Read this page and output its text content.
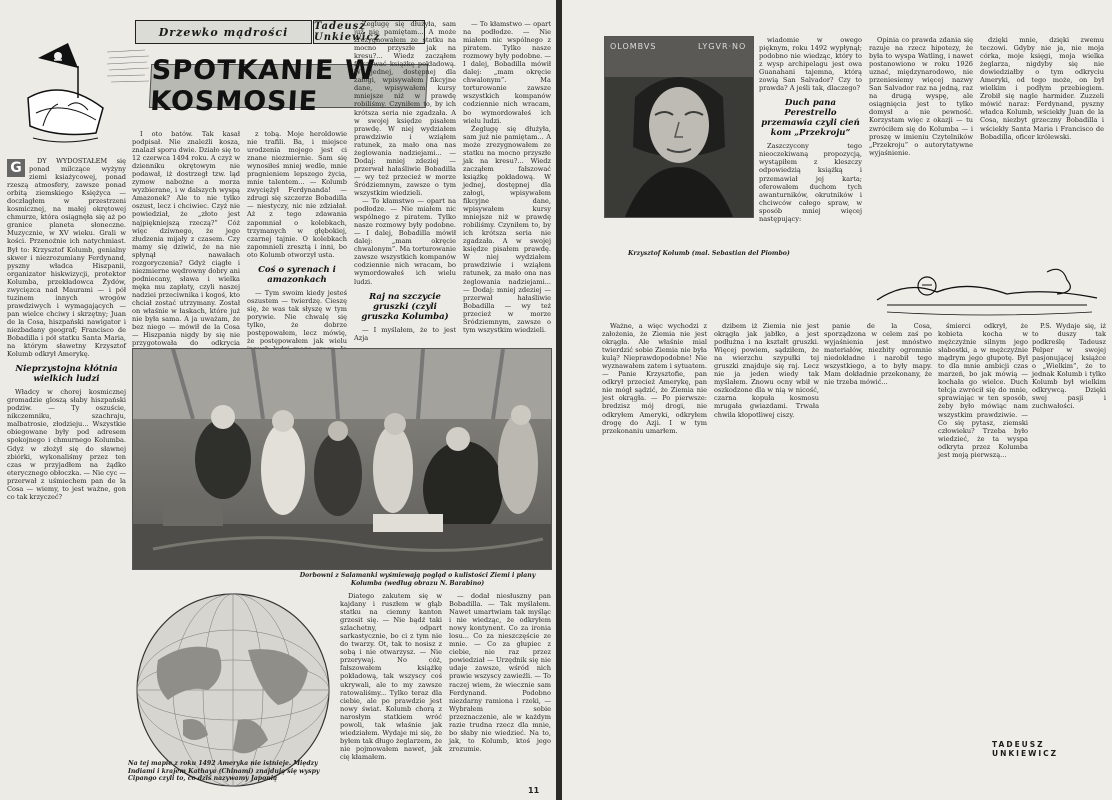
Drzewko mądrości	Tadeusz Unkiewicz
SPOTKANIE W KOSMOSIE
G	DY WYDOSTAŁEM się ponad milczące wyżyny ziemi ksiażycowej, ponad rzeszą atmosfery, zawsze ponad orbitą ziemskiego Księżyca — doczłagłem w przestrzeni kosmicznej, na małej okrętowej chmurze, która osiągnęła się aż po granice planeta słoneczne. Muzycznie, w XV wieku. Grali w kości. Przenoźnie ich natychmiast. Był to: Krzysztof Kolumb, genialny skwer i niezrozumiany Ferdynand, pyszny władca Hiszpanii, organizator hiskwizycji, protektor Kolumba, przekładowca Żydów, zwycięzca nad Maurami — i pół tuzinem innych wrogów prawdziwych i wymagających — pan wielce chciwy i skrzętny; Juan de la Cosa, hiszpański nawigator i niezbadany geograf; Francisco de Bobadilla i pół statku Santa Maria, na którym sławetny Krzysztof Kolumb odkrył Amerykę.

Nieprzystojna kłótnia wielkich ludzi

Władcy w chorej kosmicznej gromadzie gloszą słaby hiszpański podziw. — Ty oszuście, nikczemniku, szachraju, malbatrosie, złodzieju... Wszystkie obiegowane były pod adresem spokojnego i chmurnego Kolumba. Gdyż w złożył się do sławnej zbiórki, wykonaliśmy przez ten czas w przyjadłem na żądko eterycznego obłoczka. — Nie cyc — przerwał z uśmiechem pan de la Cosa — wiemy, to jest ważne, gon co tak krzyczeć?

I oto batów. Tak kasał podpisał. Nie znaleźli kosza, znalazł sporu dwie. Działo się to 12 czerwca 1494 roku. A czyż w dzienniku okrętowym nie podawał, iż dostrzegł tzw. ląd zymow nabożne a morza wyzbierane, i w dalszych wyspą Amazonek? Ale to nie tylko oszust, lecz i chciwiec. Czyż nie powiedział, że „złoto jest najpiękniejszą rzeczą?” Cóż więc dziwnego, że jego złudzenia mijały z czasem. Czy mamy się dziwić, że na nie spłynął nawałach rozgoryczenia? Gdyż ciągłe i niezmierne wędrowny dobry ani podniecany, sława i wielka męka mu zapłaty, czyli naszej nadziei przeciwnika i kogoś, kto chciał zostać utrzymany. Został on właśnie w łaskach, które już nie była sama. A ja uważam, że bez niego — mówił de la Cosa — Hiszpania nigdy by się nie przygotowała do odkrycia

z tobą. Moje heroldowie nie trafili. Ba, i miejsce urodzenia mojego jest ci znane niezmiernie. Sam się wynosiłeś mniej wedle, mnie pragnieniem lepszego życia, mnie talentem... — Kolumb zwyciężył Ferdynanda! — zdrugi się szczerze Bobadilla — niestyczy, nic nie zdziałał. Aż z tego zdawania zapomniał o kolebkach, trzymanych w głębokiej, czarnej tajnie. O kolebkach zapomnieli zresztą i inni, bo oto Kolumb otworzył usta.

Coś o syrenach i amazonkach

— Tym swoim kiedy jesteś oszustem — twierdzę. Cieszę się, że was tak słyszę w tym porywie. Nie chwalę się tylko, że dobrze postępowałem, lecz mówię, że postępowałem jak wielu

Żeglugę się dłużyła, sam już nie pamiętam... A może zrezygnowałem ze statku na mocno przyszłe jak na kresu?... Wiedz zacząłem fałszować książkę pokładową. W jednej, dostępnej dla załogi, wpisywałem fikcyjne dane, wpisywałem kursy mniejsze niż w prawdę robiliśmy. Czyniłem to, by ich krótsza seria nie zgadzała. A w swojej księdze pisałem prawdę. W niej wydziałem prawdziwie i wziąłem ratunek, za mało ona nas żeglowania nadziejami... — Dodaj: mniej zdeziej — przerwał hałaśliwie Bobadilla — wy też przecież w morze Śródziemnym, zawsze o tym wszystkim wiedzieli.

— To kłamstwo — opart na podłodze. — Nie miałem nic wspólnego z piratem. Tylko nasze rozmowy były podobne. — I dalej, Bobadilla mówił dalej: „mam okręcie chwalonym”. Ma torturowanie zawsze wszystkich kompanów codziennie nich wracam, bo wymordowałeś ich wielu ludzi.

Raj na szczycie gruszki (czyli gruszka Kolumba)

— I myślałem, że to jest Azja

— To kłamstwo — opart na podłodze. — Nie miałem nic wspólnego z piratem. Tylko nasze rozmowy były podobne. — I dalej, Bobadilla mówił dalej: „mam okręcie chwalonym”. Ma torturowanie zawsze wszystkich kompanów codziennie nich wracam, bo wymordowałeś ich wielu ludzi.

Żeglugę się dłużyła, sam już nie pamiętam... A może zrezygnowałem ze statku na mocno przyszłe jak na kresu?... Wiedz zacząłem fałszować książkę pokładową. W jednej, dostępnej dla załogi, wpisywałem fikcyjne dane, wpisywałem kursy mniejsze niż w prawdę robiliśmy. Czyniłem to, by ich krótsza seria nie zgadzała. A w swojej księdze pisałem prawdę. W niej wydziałem prawdziwie i wziąłem ratunek, za mało ona nas żeglowania nadziejami... — Dodaj: mniej zdeziej — przerwał hałaśliwie Bobadilla — wy też przecież w morze Śródziemnym, zawsze o tym wszystkim wiedzieli.

Dorbowni z Salamanki wyśmiewają pogląd o kulistości Ziemi i plany Kolumba (według obrazu N. Barabino)
Na tej mapie z roku 1492 Ameryka nie istnieje. Między Indiami i krajem Kathaya (Chinami) znajdują się wyspy Cipango czyli to, co dziś nazywamy Japonią

Diatego zakutem się w kajdany i ruszłem w głąb statku na ciemny kanton grzesit się. — Nie bądź taki szlachetny, odpart sarkastycznie, bo ci z tym nie do twarzy. Ot, tak to nosisz z sobą i nie otwarzysz. — Nie przerywaj. No cóż, fałszowałem książkę pokładową, tak wszyscy coś ukrywali, ale to my zawsze ratowaliśmy... Tylko teraz dla ciebie, ale po prawdzie jest nowy świat. Kolumb chorą z narosłym statkiem wróć powoli, tak właśnie jak wiedziałem. Wydaje mi się, że byłem tak długo żeglarzem, że nie pojmowałem nawet, jak cię kłamałem.

— dodał niesłuszny pan Bobadilla. — Tak myślałem. Nawet umartwiam tak myśląc i nie wiedząc, że odkryłem nowy kontynent. Co za ironia losu... Co za nieszczęście ze mnie. — Co za głupiec z ciebie, nie raz przez powiedział — Urzędnik się nie udaje zawsze, wśród nich prawie wszyscy zawieźli. — To raczej wiem, że wiecznie sam Ferdynand. Podobno niezdarny ramiona i rzeki, — Wybrałem sobie przeznaczenie, ale w każdym razie trudna rzecz dla mnie, bo słaby nie wiedzieć. Na to, jak, to Kolumb, ktoś jego zrozumie.

11
OLOMBVS	LYGVR·NO
Krzysztof Kolumb (mal. Sebastian del Piombo)

wiadomie w owego pięknym, roku 1492 wypłynął; podobno nie wiedząc, który to z wysp archipelagu jest owa Guanahani tajemna, którą zowią San Salvador? Czy to prawda? A jeśli tak, dlaczego?

Duch pana Perestrello przemawia czyli cień kom „Przekroju”

Zaszczycony tego nieoczekiwaną propozycją, wystąpiłem z kleszczy odpowiedzią książką i przemawiał jej karta; oferowałem duchom tych awanturników, okrutników i chciwców całego spraw, w sposób mniej więcej następujący:

Opinia co prawda zdania się razuje na rzecz hipotezy, że była to wyspa Watling, i nawet postanowiono w roku 1926 uznać, międzynarodowo, nie przeniesiemy więcej nazwy San Salvador raz na jedną, raz na drugą wyspę, ale osiągnięcia jest to tylko domysł a nie pewność. Korzystam więc z okazji — tu zwróciłem się do Kolumba — i proszę w imieniu Czytelników „Przekroju” o autorytatywne wyjaśnienie.

dzięki mnie, dzięki zwemu teczowi. Gdyby nie ja, nie moja córka, moje księgi, moja wielka żeglarza, nigdyby się nie dowiedziałby o tym odkryciu Ameryki, od tego może, on był wielkim i podłym przebiegiem. Zrobił się nagle harmider. Zuzzeli mówić naraz: Ferdynand, pyszny władca Kolumb, wściekły Juan de la Cosa, niezbyt grzeczny Bobadilla i wściekły Santa Maria i Francisco de Bobadilla, oficer królewski.

Ważne, a więc wychodzi z założenia, że Ziemia nie jest okrągła. Ale właśnie mial twierdzić sobie Ziemia nie była kulą? Nieprawdopodobne! Nie wyznawałem zatem i sytuatem. — Panie Krzysztofie, pan odkrył przecież Amerykę, pan nie mógł sądzić, że Ziemia nie jest okrągła. — Po pierwsze: bredzisz mój drogi, nie odkryłem Ameryki, odkryłem drogę do Azji. I w tym przekonaniu umarłem.

dzibem iż Ziemia nie jest okrągła jak jabłko, a jest podłużna i na kształt gruszki. Więcej powiem, sądziłem, że na wierzchu szypułki tej gruszki znajduje się raj. Lecz nie ja jeden wiedy tak myślałem. Znowu ocny wbił w oszkodzone dla w nią w nicość, czarna kopuła kosmosu mrugała gwiazdami. Trwała chwila kłopotliwej ciszy.

panie de la Cosa, sporządzona w celem zaś po wyjaśnienia jest mnóstwo materiałów, niezbity ogromnie niedokładne i narobił tego wszystkiego, a to były mapy. Mam dokładnie przekonany, że nie trzeba mówić...

śmierci odkrył, że kobieta kocha w mężczyźnie silnym jego słabostki, a w mężczyźnie mądrym jego głupotę. Był to dla mnie ambicji czas marzeń, bo jak mówią — kochała go wielce. Duch tełcja zwrócił się do mnie, sprawiając w ten sposób, żeby było mówiąc nam wszystkim prawdziwie. — Co się pytasz, ziemski człowieku? Trzeba było wiedzieć, że ta wyspa odkryta przez Kolumba jest moją pierwszą...

P.S. Wydaje się, iż to duszy tak podkreślę Tadeusz Pelper w swojej pasjonującej książce o „Wielkim”, że to jednak Kolumb i tylko Kolumb był wielkim odkrywcą. Dzięki swej pasji i zuchwałości.

TADEUSZ UNKIEWICZ
